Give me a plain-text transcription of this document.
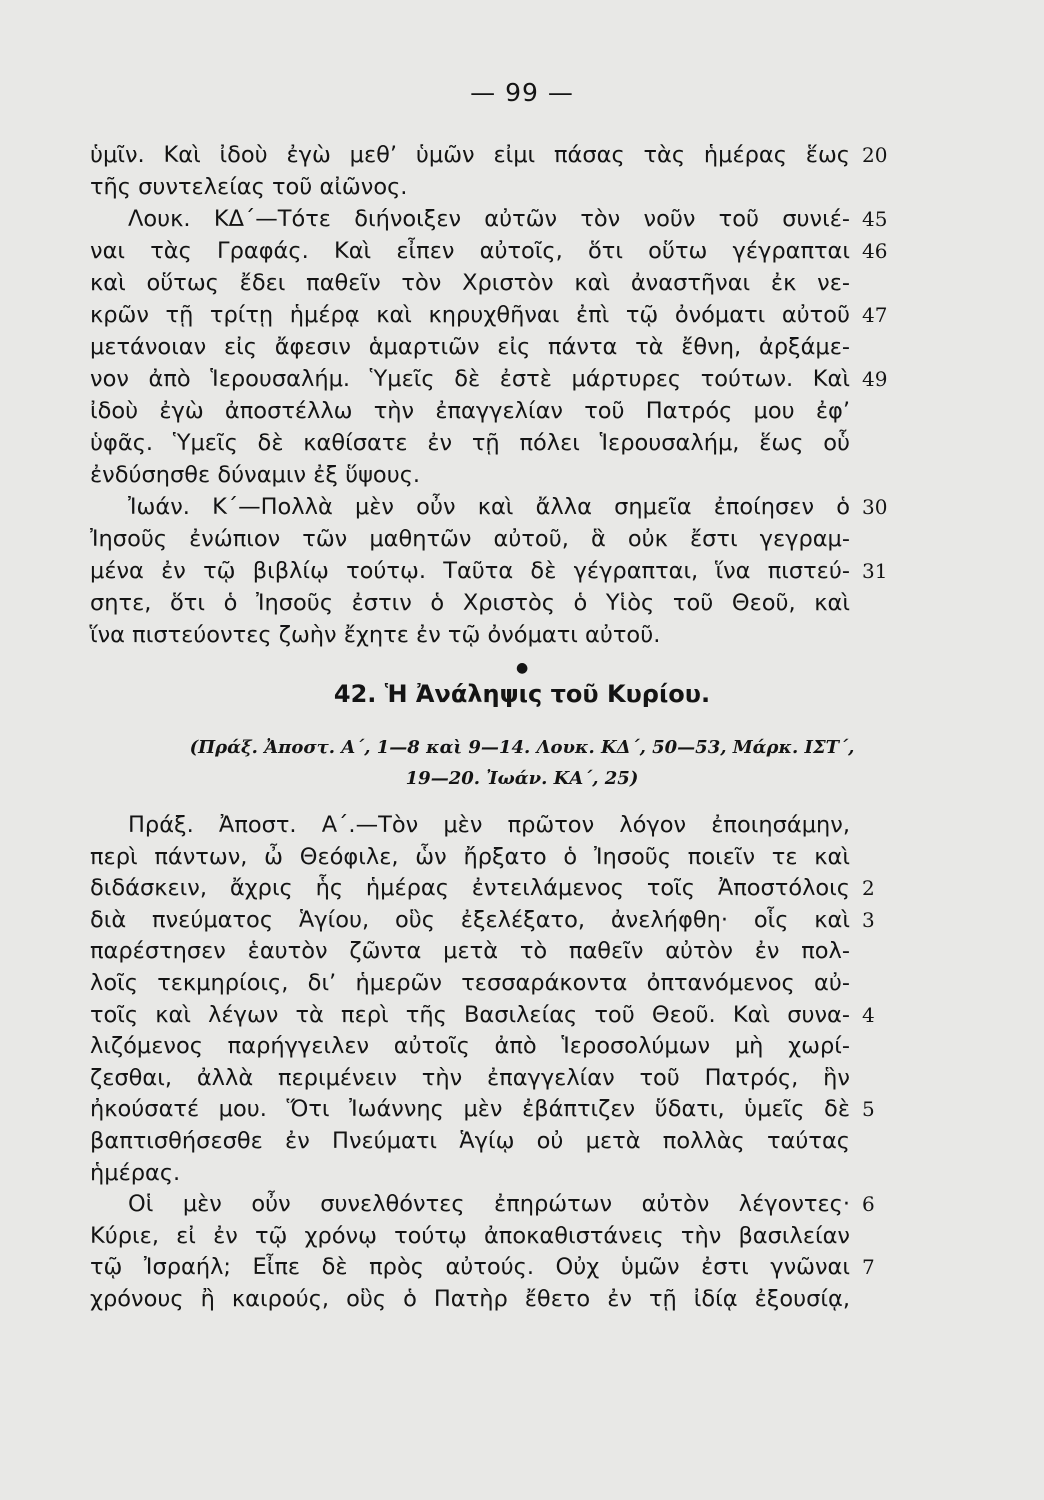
— 99 —
ὑμῖν. Καὶ ἰδοὺ ἐγὼ μεθ’ ὑμῶν εἰμι πάσας τὰς ἡμέρας ἕως 20
τῆς συντελείας τοῦ αἰῶνος.
Λουκ. ΚΔ΄—Τότε διήνοιξεν αὐτῶν τὸν νοῦν τοῦ συνιέ- 45
ναι τὰς Γραφάς. Καὶ εἶπεν αὐτοῖς, ὅτι οὕτω γέγραπται 46
καὶ οὕτως ἔδει παθεῖν τὸν Χριστὸν καὶ ἀναστῆναι ἐκ νε-
κρῶν τῇ τρίτῃ ἡμέρᾳ καὶ κηρυχθῆναι ἐπὶ τῷ ὀνόματι αὐτοῦ 47
μετάνοιαν εἰς ἄφεσιν ἁμαρτιῶν εἰς πάντα τὰ ἔθνη, ἀρξάμε-
νον ἀπὸ Ἱερουσαλήμ. Ὑμεῖς δὲ ἐστὲ μάρτυρες τούτων. Καὶ 49
ἰδοὺ ἐγὼ ἀποστέλλω τὴν ἐπαγγελίαν τοῦ Πατρός μου ἐφ’
ὑφᾶς. Ὑμεῖς δὲ καθίσατε ἐν τῇ πόλει Ἱερουσαλήμ, ἕως οὗ
ἐνδύσησθε δύναμιν ἐξ ὕψους.
Ἰωάν. Κ΄—Πολλὰ μὲν οὖν καὶ ἄλλα σημεῖα ἐποίησεν ὁ 30
Ἰησοῦς ἐνώπιον τῶν μαθητῶν αὐτοῦ, ἃ οὐκ ἔστι γεγραμ-
μένα ἐν τῷ βιβλίῳ τούτῳ. Ταῦτα δὲ γέγραπται, ἵνα πιστεύ- 31
σητε, ὅτι ὁ Ἰησοῦς ἐστιν ὁ Χριστὸς ὁ Υἱὸς τοῦ Θεοῦ, καὶ
ἵνα πιστεύοντες ζωὴν ἔχητε ἐν τῷ ὀνόματι αὐτοῦ.
●
42. Ἡ Ἀνάληψις τοῦ Κυρίου.
(Πράξ. Ἀποστ. Α΄, 1—8 καὶ 9—14. Λουκ. ΚΔ΄, 50—53, Μάρκ. ΙΣΤ΄,
19—20. Ἰωάν. ΚΑ΄, 25)
Πράξ. Ἀποστ. Α΄.—Τὸν μὲν πρῶτον λόγον ἐποιησάμην,
περὶ πάντων, ὦ Θεόφιλε, ὧν ἤρξατο ὁ Ἰησοῦς ποιεῖν τε καὶ
διδάσκειν, ἄχρις ἧς ἡμέρας ἐντειλάμενος τοῖς Ἀποστόλοις 2
διὰ πνεύματος Ἁγίου, οὓς ἐξελέξατο, ἀνελήφθη· οἷς καὶ 3
παρέστησεν ἑαυτὸν ζῶντα μετὰ τὸ παθεῖν αὐτὸν ἐν πολ-
λοῖς τεκμηρίοις, δι’ ἡμερῶν τεσσαράκοντα ὀπτανόμενος αὐ-
τοῖς καὶ λέγων τὰ περὶ τῆς Βασιλείας τοῦ Θεοῦ. Καὶ συνα- 4
λιζόμενος παρήγγειλεν αὐτοῖς ἀπὸ Ἱεροσολύμων μὴ χωρί-
ζεσθαι, ἀλλὰ περιμένειν τὴν ἐπαγγελίαν τοῦ Πατρός, ἣν
ἠκούσατέ μου. Ὅτι Ἰωάννης μὲν ἐβάπτιζεν ὕδατι, ὑμεῖς δὲ 5
βαπτισθήσεσθε ἐν Πνεύματι Ἁγίῳ οὐ μετὰ πολλὰς ταύτας
ἡμέρας.
Οἱ μὲν οὖν συνελθόντες ἐπηρώτων αὐτὸν λέγοντες· 6
Κύριε, εἰ ἐν τῷ χρόνῳ τούτῳ ἀποκαθιστάνεις τὴν βασιλείαν
τῷ Ἰσραήλ; Εἶπε δὲ πρὸς αὐτούς. Οὐχ ὑμῶν ἐστι γνῶναι 7
χρόνους ἢ καιρούς, οὓς ὁ Πατὴρ ἔθετο ἐν τῇ ἰδίᾳ ἐξουσίᾳ,
